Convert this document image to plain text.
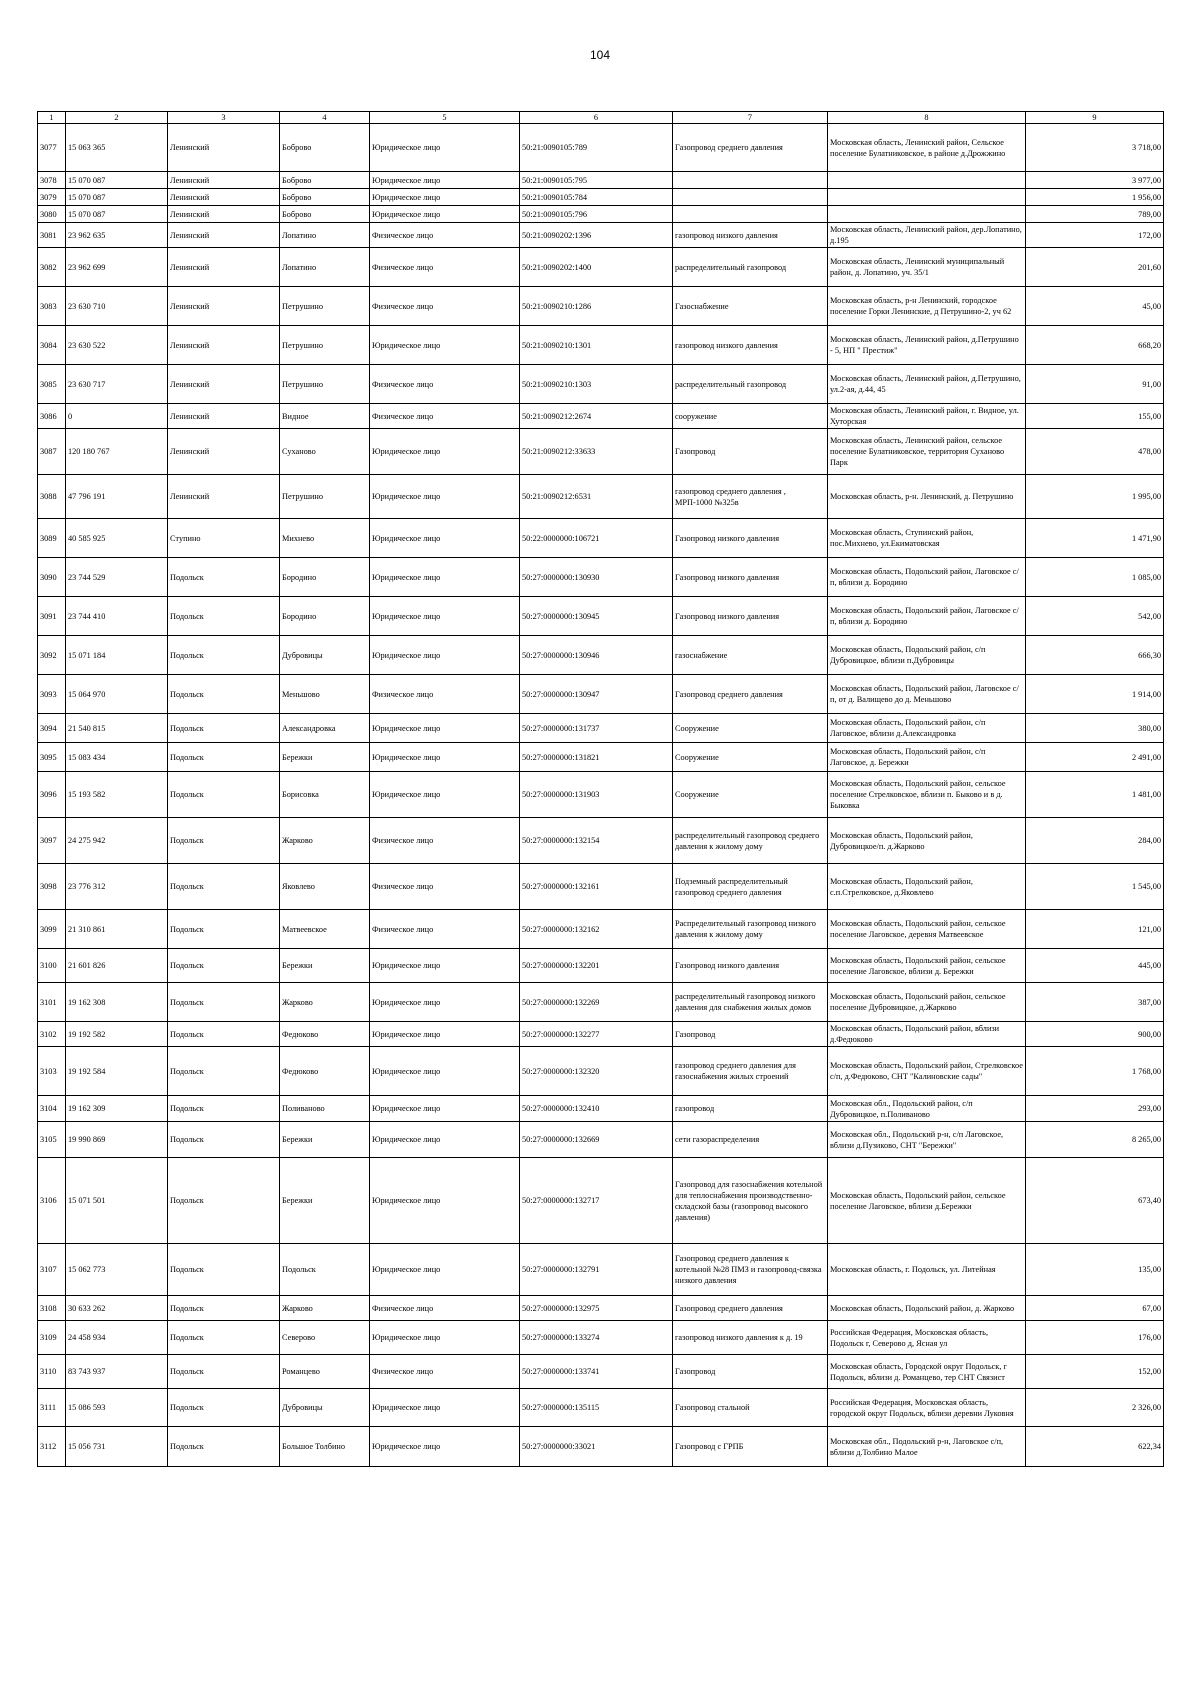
104
1	2	3	4	5	6	7	8	9
3077	15 063 365	Ленинский	Боброво	Юридическое лицо	50:21:0090105:789	Газопровод среднего давления	Московская область, Ленинский район, Сельское поселение Булатниковское, в районе д.Дрожжино	3 718,00
3078	15 070 087	Ленинский	Боброво	Юридическое лицо	50:21:0090105:795			3 977,00
3079	15 070 087	Ленинский	Боброво	Юридическое лицо	50:21:0090105:784			1 956,00
3080	15 070 087	Ленинский	Боброво	Юридическое лицо	50:21:0090105:796			789,00
3081	23 962 635	Ленинский	Лопатино	Физическое лицо	50:21:0090202:1396	газопровод низкого давления	Московская область, Ленинский район, дер.Лопатино, д.195	172,00
3082	23 962 699	Ленинский	Лопатино	Физическое лицо	50:21:0090202:1400	распределительный газопровод	Московская область, Ленинский муниципальный район, д. Лопатино, уч. 35/1	201,60
3083	23 630 710	Ленинский	Петрушино	Физическое лицо	50:21:0090210:1286	Газоснабжение	Московская область, р-н Ленинский, городское поселение Горки Ленинские, д Петрушино-2, уч 62	45,00
3084	23 630 522	Ленинский	Петрушино	Юридическое лицо	50:21:0090210:1301	газопровод низкого давления	Московская область, Ленинский район, д.Петрушино - 5, НП " Престиж"	668,20
3085	23 630 717	Ленинский	Петрушино	Физическое лицо	50:21:0090210:1303	распределительный газопровод	Московская область, Ленинский район, д.Петрушино, ул.2-ая, д.44, 45	91,00
3086	0	Ленинский	Видное	Физическое лицо	50:21:0090212:2674	сооружение	Московская область, Ленинский район, г. Видное, ул. Хуторская	155,00
3087	120 180 767	Ленинский	Суханово	Юридическое лицо	50:21:0090212:33633	Газопровод	Московская область, Ленинский район, сельское поселение Булатниковское, территория Суханово Парк	478,00
3088	47 796 191	Ленинский	Петрушино	Юридическое лицо	50:21:0090212:6531	газопровод среднего давления , МРП-1000 №325в	Московская область, р-н. Ленинский, д. Петрушино	1 995,00
3089	40 585 925	Ступино	Михнево	Юридическое лицо	50:22:0000000:106721	Газопровод низкого давления	Московская область, Ступинский район, пос.Михнево, ул.Екиматовская	1 471,90
3090	23 744 529	Подольск	Бородино	Юридическое лицо	50:27:0000000:130930	Газопровод низкого давления	Московская область, Подольский район, Лаговское с/п, вблизи д. Бородино	1 085,00
3091	23 744 410	Подольск	Бородино	Юридическое лицо	50:27:0000000:130945	Газопровод низкого давления	Московская область, Подольский район, Лаговское с/п, вблизи д. Бородино	542,00
3092	15 071 184	Подольск	Дубровицы	Юридическое лицо	50:27:0000000:130946	газоснабжение	Московская область, Подольский район, с/п Дубровицкое, вблизи п.Дубровицы	666,30
3093	15 064 970	Подольск	Меньшово	Физическое лицо	50:27:0000000:130947	Газопровод среднего давления	Московская область, Подольский район, Лаговское с/п, от д. Валищево до д. Меньшово	1 914,00
3094	21 540 815	Подольск	Александровка	Юридическое лицо	50:27:0000000:131737	Сооружение	Московская область, Подольский район, с/п Лаговское, вблизи д.Александровка	380,00
3095	15 083 434	Подольск	Бережки	Юридическое лицо	50:27:0000000:131821	Сооружение	Московская область, Подольский район, с/п Лаговское, д. Бережки	2 491,00
3096	15 193 582	Подольск	Борисовка	Юридическое лицо	50:27:0000000:131903	Сооружение	Московская область, Подольский район, сельское поселение Стрелковское, вблизи п. Быково и в д. Быковка	1 481,00
3097	24 275 942	Подольск	Жарково	Физическое лицо	50:27:0000000:132154	распределительный газопровод среднего давления к жилому дому	Московская область, Подольский район, Дубровицкое/п. д.Жарково	284,00
3098	23 776 312	Подольск	Яковлево	Физическое лицо	50:27:0000000:132161	Подземный распределительный газопровод среднего давления	Московская область, Подольский район, с.п.Стрелковское, д.Яковлево	1 545,00
3099	21 310 861	Подольск	Матвеевское	Физическое лицо	50:27:0000000:132162	Распределительный газопровод низкого давления к жилому дому	Московская область, Подольский район, сельское поселение Лаговское, деревня Матвеевское	121,00
3100	21 601 826	Подольск	Бережки	Юридическое лицо	50:27:0000000:132201	Газопровод низкого давления	Московская область, Подольский район, сельское поселение Лаговское, вблизи д. Бережки	445,00
3101	19 162 308	Подольск	Жарково	Юридическое лицо	50:27:0000000:132269	распределительный газопровод низкого давления для снабжения жилых домов	Московская область, Подольский район, сельское поселение Дубровицкое, д.Жарково	387,00
3102	19 192 582	Подольск	Федюково	Юридическое лицо	50:27:0000000:132277	Газопровод	Московская область, Подольский район, вблизи д.Федюково	900,00
3103	19 192 584	Подольск	Федюково	Юридическое лицо	50:27:0000000:132320	газопровод среднего давления для газоснабжения жилых строений	Московская область, Подольский район, Стрелковское с/п, д.Федюково, СНТ "Калиновские сады"	1 768,00
3104	19 162 309	Подольск	Поливаново	Юридическое лицо	50:27:0000000:132410	газопровод	Московская обл., Подольский район, с/п Дубровицкое, п.Поливаново	293,00
3105	19 990 869	Подольск	Бережки	Юридическое лицо	50:27:0000000:132669	сети газораспределения	Московская обл., Подольский р-н, с/п Лаговское, вблизи д.Пузиково, СНТ "Бережки"	8 265,00
3106	15 071 501	Подольск	Бережки	Юридическое лицо	50:27:0000000:132717	Газопровод для газоснабжения котельной для теплоснабжения производственно-складской базы (газопровод высокого давления)	Московская область, Подольский район, сельское поселение Лаговское, вблизи д.Бережки	673,40
3107	15 062 773	Подольск	Подольск	Юридическое лицо	50:27:0000000:132791	Газопровод среднего давления к котельной №28 ПМЗ и газопровод-связка низкого давления	Московская область, г. Подольск, ул. Литейная	135,00
3108	30 633 262	Подольск	Жарково	Физическое лицо	50:27:0000000:132975	Газопровод среднего давления	Московская область, Подольский район, д. Жарково	67,00
3109	24 458 934	Подольск	Северово	Юридическое лицо	50:27:0000000:133274	газопровод низкого давления к д. 19	Российская Федерация, Московская область, Подольск г, Северово д, Ясная ул	176,00
3110	83 743 937	Подольск	Романцево	Физическое лицо	50:27:0000000:133741	Газопровод	Московская область, Городской округ Подольск, г Подольск, вблизи д. Романцево, тер СНТ Связист	152,00
3111	15 086 593	Подольск	Дубровицы	Юридическое лицо	50:27:0000000:135115	Газопровод стальной	Российская Федерация, Московская область, городской округ Подольск, вблизи деревни Луковня	2 326,00
3112	15 056 731	Подольск	Большое Толбино	Юридическое лицо	50:27:0000000:33021	Газопровод с ГРПБ	Московская обл., Подольский р-н, Лаговское с/п, вблизи д.Толбино Малое	622,34
